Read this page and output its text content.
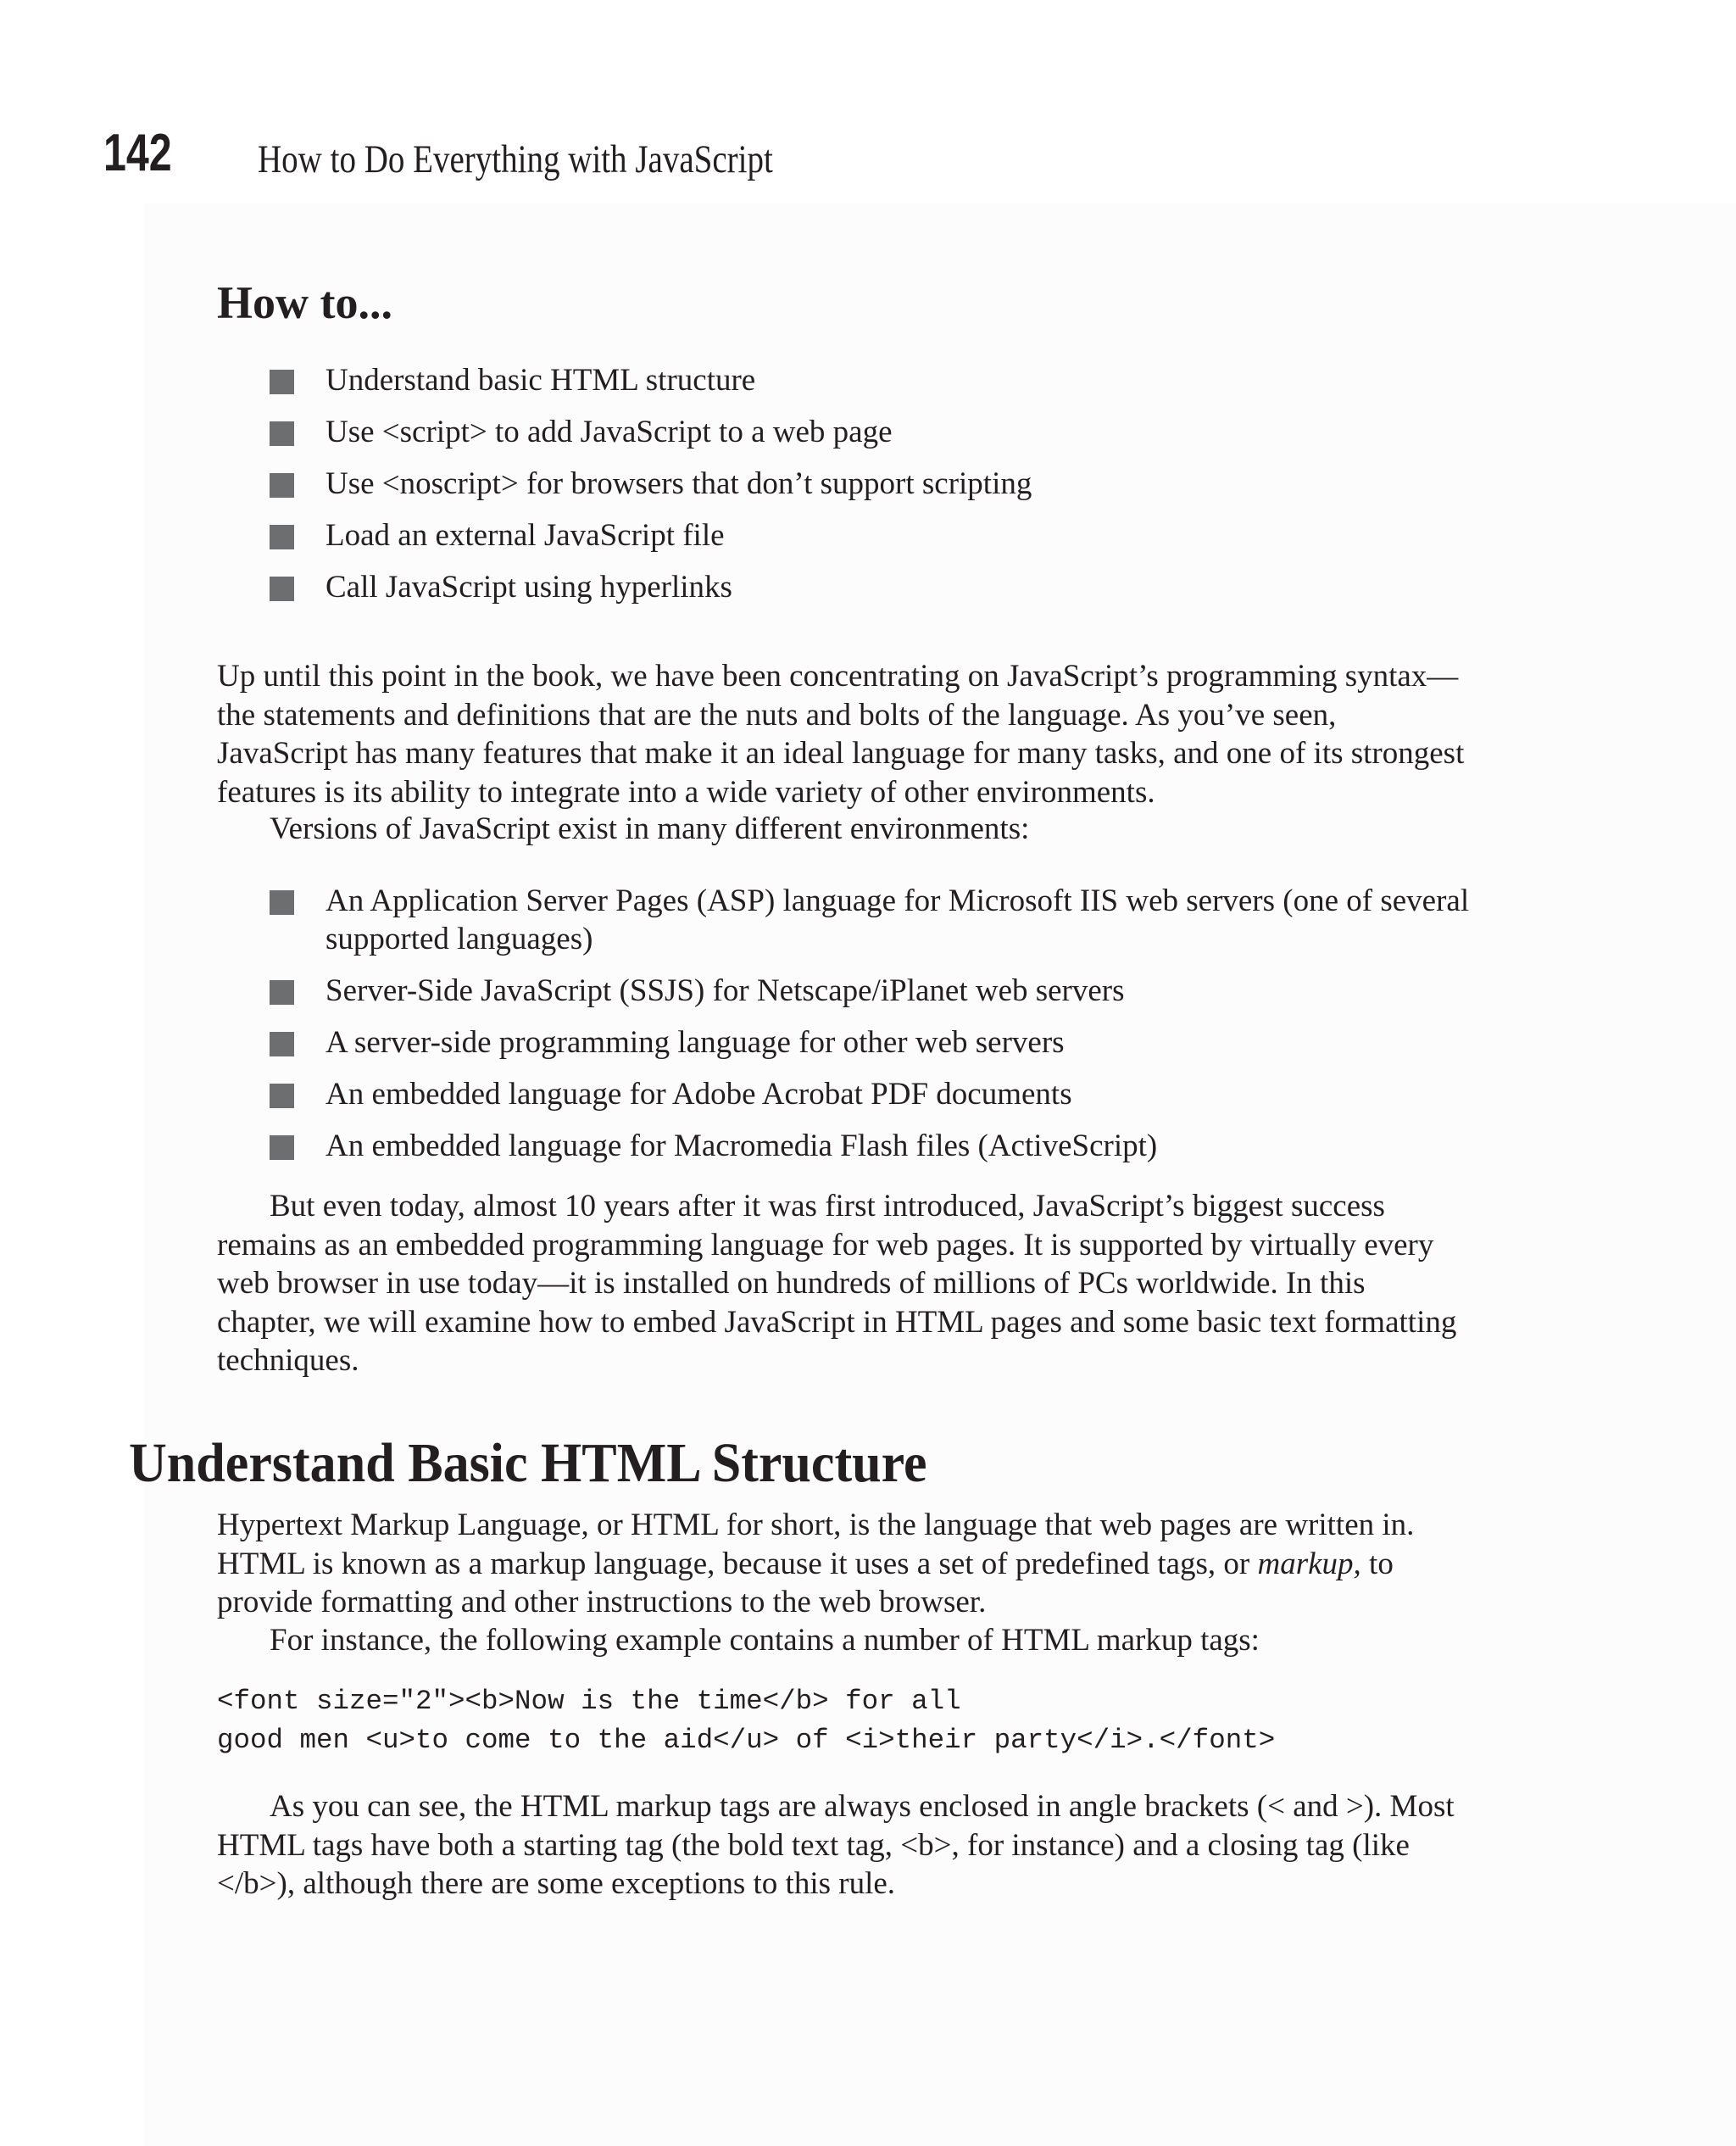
142 How to Do Everything with JavaScript
How to...
Understand basic HTML structure
Use <script> to add JavaScript to a web page
Use <noscript> for browsers that don’t support scripting
Load an external JavaScript file
Call JavaScript using hyperlinks

Up until this point in the book, we have been concentrating on JavaScript’s programming syntax—the statements and definitions that are the nuts and bolts of the language. As you’ve seen, JavaScript has many features that make it an ideal language for many tasks, and one of its strongest features is its ability to integrate into a wide variety of other environments.

Versions of JavaScript exist in many different environments:

An Application Server Pages (ASP) language for Microsoft IIS web servers (one of several supported languages)
Server-Side JavaScript (SSJS) for Netscape/iPlanet web servers
A server-side programming language for other web servers
An embedded language for Adobe Acrobat PDF documents
An embedded language for Macromedia Flash files (ActiveScript)

But even today, almost 10 years after it was first introduced, JavaScript’s biggest success remains as an embedded programming language for web pages. It is supported by virtually every web browser in use today—it is installed on hundreds of millions of PCs worldwide. In this chapter, we will examine how to embed JavaScript in HTML pages and some basic text formatting techniques.

Understand Basic HTML Structure

Hypertext Markup Language, or HTML for short, is the language that web pages are written in. HTML is known as a markup language, because it uses a set of predefined tags, or markup, to provide formatting and other instructions to the web browser.

For instance, the following example contains a number of HTML markup tags:

<font size="2"><b>Now is the time</b> for all
good men <u>to come to the aid</u> of <i>their party</i>.</font>

As you can see, the HTML markup tags are always enclosed in angle brackets (< and >). Most HTML tags have both a starting tag (the bold text tag, <b>, for instance) and a closing tag (like </b>), although there are some exceptions to this rule.
